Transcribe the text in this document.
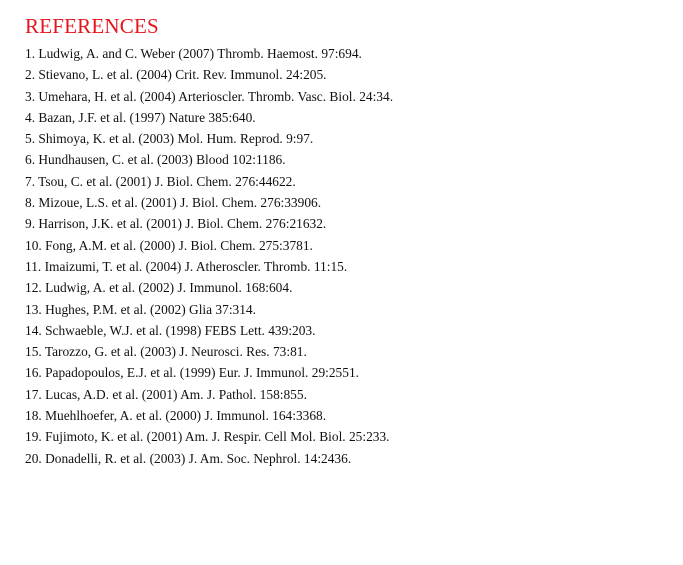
REFERENCES
1. Ludwig, A. and C. Weber (2007) Thromb. Haemost. 97:694.
2. Stievano, L. et al. (2004) Crit. Rev. Immunol. 24:205.
3. Umehara, H. et al. (2004) Arterioscler. Thromb. Vasc. Biol. 24:34.
4. Bazan, J.F. et al. (1997) Nature 385:640.
5. Shimoya, K. et al. (2003) Mol. Hum. Reprod. 9:97.
6. Hundhausen, C. et al. (2003) Blood 102:1186.
7. Tsou, C. et al. (2001) J. Biol. Chem. 276:44622.
8. Mizoue, L.S. et al. (2001) J. Biol. Chem. 276:33906.
9. Harrison, J.K. et al. (2001) J. Biol. Chem. 276:21632.
10. Fong, A.M. et al. (2000) J. Biol. Chem. 275:3781.
11. Imaizumi, T. et al. (2004) J. Atheroscler. Thromb. 11:15.
12. Ludwig, A. et al. (2002) J. Immunol. 168:604.
13. Hughes, P.M. et al. (2002) Glia 37:314.
14. Schwaeble, W.J. et al. (1998) FEBS Lett. 439:203.
15. Tarozzo, G. et al. (2003) J. Neurosci. Res. 73:81.
16. Papadopoulos, E.J. et al. (1999) Eur. J. Immunol. 29:2551.
17. Lucas, A.D. et al. (2001) Am. J. Pathol. 158:855.
18. Muehlhoefer, A. et al. (2000) J. Immunol. 164:3368.
19. Fujimoto, K. et al. (2001) Am. J. Respir. Cell Mol. Biol. 25:233.
20. Donadelli, R. et al. (2003) J. Am. Soc. Nephrol. 14:2436.
